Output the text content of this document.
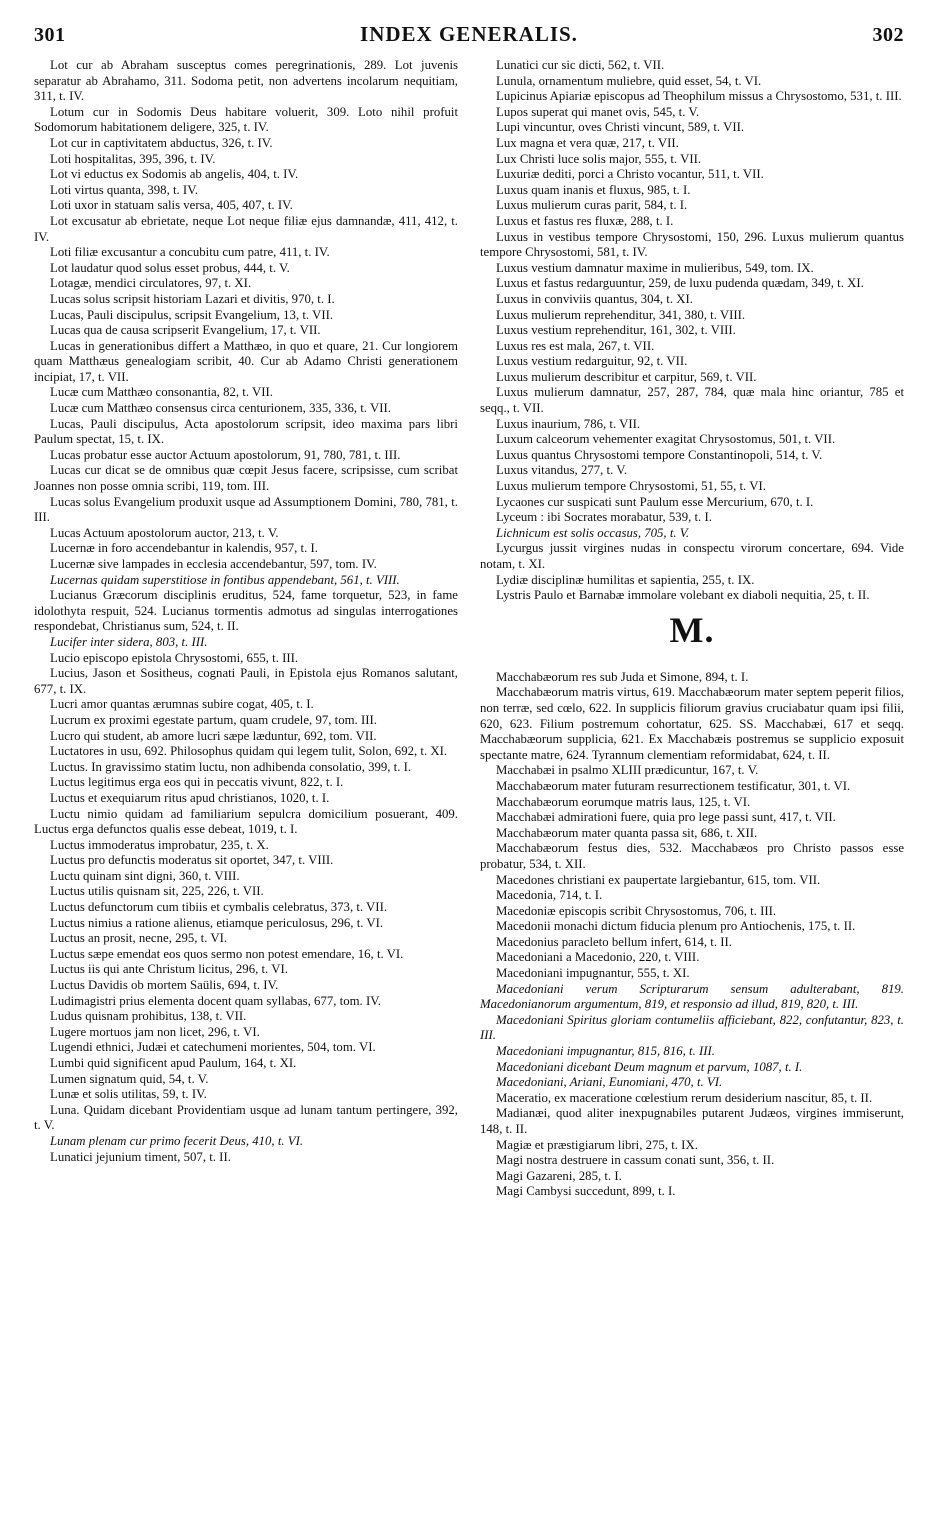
301	INDEX GENERALIS.	302

Lot cur ab Abraham susceptus comes peregrinationis, 289. Lot juvenis separatur ab Abrahamo, 311. Sodoma petit, non advertens incolarum nequitiam, 311, t. IV.

Lotum cur in Sodomis Deus habitare voluerit, 309. Loto nihil profuit Sodomorum habitationem deligere, 325, t. IV.

Lot cur in captivitatem abductus, 326, t. IV.

Loti hospitalitas, 395, 396, t. IV.

Lot vi eductus ex Sodomis ab angelis, 404, t. IV.

Loti virtus quanta, 398, t. IV.

Loti uxor in statuam salis versa, 405, 407, t. IV.

Lot excusatur ab ebrietate, neque Lot neque filiæ ejus damnandæ, 411, 412, t. IV.

Loti filiæ excusantur a concubitu cum patre, 411, t. IV.

Lot laudatur quod solus esset probus, 444, t. V.

Lotagæ, mendici circulatores, 97, t. XI.

Lucas solus scripsit historiam Lazari et divitis, 970, t. I.

Lucas, Pauli discipulus, scripsit Evangelium, 13, t. VII.

Lucas qua de causa scripserit Evangelium, 17, t. VII.

Lucas in generationibus differt a Matthæo, in quo et quare, 21. Cur longiorem quam Matthæus genealogiam scribit, 40. Cur ab Adamo Christi generationem incipiat, 17, t. VII.

Lucæ cum Matthæo consonantia, 82, t. VII.

Lucæ cum Matthæo consensus circa centurionem, 335, 336, t. VII.

Lucas, Pauli discipulus, Acta apostolorum scripsit, ideo maxima pars libri Paulum spectat, 15, t. IX.

Lucas probatur esse auctor Actuum apostolorum, 91, 780, 781, t. III.

Lucas cur dicat se de omnibus quæ cœpit Jesus facere, scripsisse, cum scribat Joannes non posse omnia scribi, 119, tom. III.

Lucas solus Evangelium produxit usque ad Assumptionem Domini, 780, 781, t. III.

Lucas Actuum apostolorum auctor, 213, t. V.

Lucernæ in foro accendebantur in kalendis, 957, t. I.

Lucernæ sive lampades in ecclesia accendebantur, 597, tom. IV.

Lucernas quidam superstitiose in fontibus appendebant, 561, t. VIII.

Lucianus Græcorum disciplinis eruditus, 524, fame torquetur, 523, in fame idolothyta respuit, 524. Lucianus tormentis admotus ad singulas interrogationes respondebat, Christianus sum, 524, t. II.

Lucifer inter sidera, 803, t. III.

Lucio episcopo epistola Chrysostomi, 655, t. III.

Lucius, Jason et Sositheus, cognati Pauli, in Epistola ejus Romanos salutant, 677, t. IX.

Lucri amor quantas ærumnas subire cogat, 405, t. I.

Lucrum ex proximi egestate partum, quam crudele, 97, tom. III.

Lucro qui student, ab amore lucri sæpe læduntur, 692, tom. VII.

Luctatores in usu, 692. Philosophus quidam qui legem tulit, Solon, 692, t. XI.

Luctus. In gravissimo statim luctu, non adhibenda consolatio, 399, t. I.

Luctus legitimus erga eos qui in peccatis vivunt, 822, t. I.

Luctus et exequiarum ritus apud christianos, 1020, t. I.

Luctu nimio quidam ad familiarium sepulcra domicilium posuerant, 409. Luctus erga defunctos qualis esse debeat, 1019, t. I.

Luctus immoderatus improbatur, 235, t. X.

Luctus pro defunctis moderatus sit oportet, 347, t. VIII.

Luctu quinam sint digni, 360, t. VIII.

Luctus utilis quisnam sit, 225, 226, t. VII.

Luctus defunctorum cum tibiis et cymbalis celebratus, 373, t. VII.

Luctus nimius a ratione alienus, etiamque periculosus, 296, t. VI.

Luctus an prosit, necne, 295, t. VI.

Luctus sæpe emendat eos quos sermo non potest emendare, 16, t. VI.

Luctus iis qui ante Christum licitus, 296, t. VI.

Luctus Davidis ob mortem Saülis, 694, t. IV.

Ludimagistri prius elementa docent quam syllabas, 677, tom. IV.

Ludus quisnam prohibitus, 138, t. VII.

Lugere mortuos jam non licet, 296, t. VI.

Lugendi ethnici, Judæi et catechumeni morientes, 504, tom. VI.

Lumbi quid significent apud Paulum, 164, t. XI.

Lumen signatum quid, 54, t. V.

Lunæ et solis utilitas, 59, t. IV.

Luna. Quidam dicebant Providentiam usque ad lunam tantum pertingere, 392, t. V.

Lunam plenam cur primo fecerit Deus, 410, t. VI.

Lunatici jejunium timent, 507, t. II.

Lunatici cur sic dicti, 562, t. VII.

Lunula, ornamentum muliebre, quid esset, 54, t. VI.

Lupicinus Apiariæ episcopus ad Theophilum missus a Chrysostomo, 531, t. III.

Lupos superat qui manet ovis, 545, t. V.

Lupi vincuntur, oves Christi vincunt, 589, t. VII.

Lux magna et vera quæ, 217, t. VII.

Lux Christi luce solis major, 555, t. VII.

Luxuriæ dediti, porci a Christo vocantur, 511, t. VII.

Luxus quam inanis et fluxus, 985, t. I.

Luxus mulierum curas parit, 584, t. I.

Luxus et fastus res fluxæ, 288, t. I.

Luxus in vestibus tempore Chrysostomi, 150, 296. Luxus mulierum quantus tempore Chrysostomi, 581, t. IV.

Luxus vestium damnatur maxime in mulieribus, 549, tom. IX.

Luxus et fastus redarguuntur, 259, de luxu pudenda quædam, 349, t. XI.

Luxus in conviviis quantus, 304, t. XI.

Luxus mulierum reprehenditur, 341, 380, t. VIII.

Luxus vestium reprehenditur, 161, 302, t. VIII.

Luxus res est mala, 267, t. VII.

Luxus vestium redarguitur, 92, t. VII.

Luxus mulierum describitur et carpitur, 569, t. VII.

Luxus mulierum damnatur, 257, 287, 784, quæ mala hinc oriantur, 785 et seqq., t. VII.

Luxus inaurium, 786, t. VII.

Luxum calceorum vehementer exagitat Chrysostomus, 501, t. VII.

Luxus quantus Chrysostomi tempore Constantinopoli, 514, t. V.

Luxus vitandus, 277, t. V.

Luxus mulierum tempore Chrysostomi, 51, 55, t. VI.

Lycaones cur suspicati sunt Paulum esse Mercurium, 670, t. I.

Lyceum : ibi Socrates morabatur, 539, t. I.

Lichnicum est solis occasus, 705, t. V.

Lycurgus jussit virgines nudas in conspectu virorum concertare, 694. Vide notam, t. XI.

Lydiæ disciplinæ humilitas et sapientia, 255, t. IX.

Lystris Paulo et Barnabæ immolare volebant ex diaboli nequitia, 25, t. II.

M.

Macchabæorum res sub Juda et Simone, 894, t. I.

Macchabæorum matris virtus, 619. Macchabæorum mater septem peperit filios, non terræ, sed cœlo, 622. In supplicis filiorum gravius cruciabatur quam ipsi filii, 620, 623. Filium postremum cohortatur, 625. SS. Macchabæi, 617 et seqq. Macchabæorum supplicia, 621. Ex Macchabæis postremus se supplicio exposuit spectante matre, 624. Tyrannum clementiam reformidabat, 624, t. II.

Macchabæi in psalmo XLIII prædicuntur, 167, t. V.

Macchabæorum mater futuram resurrectionem testificatur, 301, t. VI.

Macchabæorum eorumque matris laus, 125, t. VI.

Macchabæi admirationi fuere, quia pro lege passi sunt, 417, t. VII.

Macchabæorum mater quanta passa sit, 686, t. XII.

Macchabæorum festus dies, 532. Macchabæos pro Christo passos esse probatur, 534, t. XII.

Macedones christiani ex paupertate largiebantur, 615, tom. VII.

Macedonia, 714, t. I.

Macedoniæ episcopis scribit Chrysostomus, 706, t. III.

Macedonii monachi dictum fiducia plenum pro Antiochenis, 175, t. II.

Macedonius paracleto bellum infert, 614, t. II.

Macedoniani a Macedonio, 220, t. VIII.

Macedoniani impugnantur, 555, t. XI.

Macedoniani verum Scripturarum sensum adulterabant, 819. Macedonianorum argumentum, 819, et responsio ad illud, 819, 820, t. III.

Macedoniani Spiritus gloriam contumeliis afficiebant, 822, confutantur, 823, t. III.

Macedoniani impugnantur, 815, 816, t. III.

Macedoniani dicebant Deum magnum et parvum, 1087, t. I.

Macedoniani, Ariani, Eunomiani, 470, t. VI.

Maceratio, ex maceratione cœlestium rerum desiderium nascitur, 85, t. II.

Madianæi, quod aliter inexpugnabiles putarent Judæos, virgines immiserunt, 148, t. II.

Magiæ et præstigiarum libri, 275, t. IX.

Magi nostra destruere in cassum conati sunt, 356, t. II.

Magi Gazareni, 285, t. I.

Magi Cambysi succedunt, 899, t. I.
